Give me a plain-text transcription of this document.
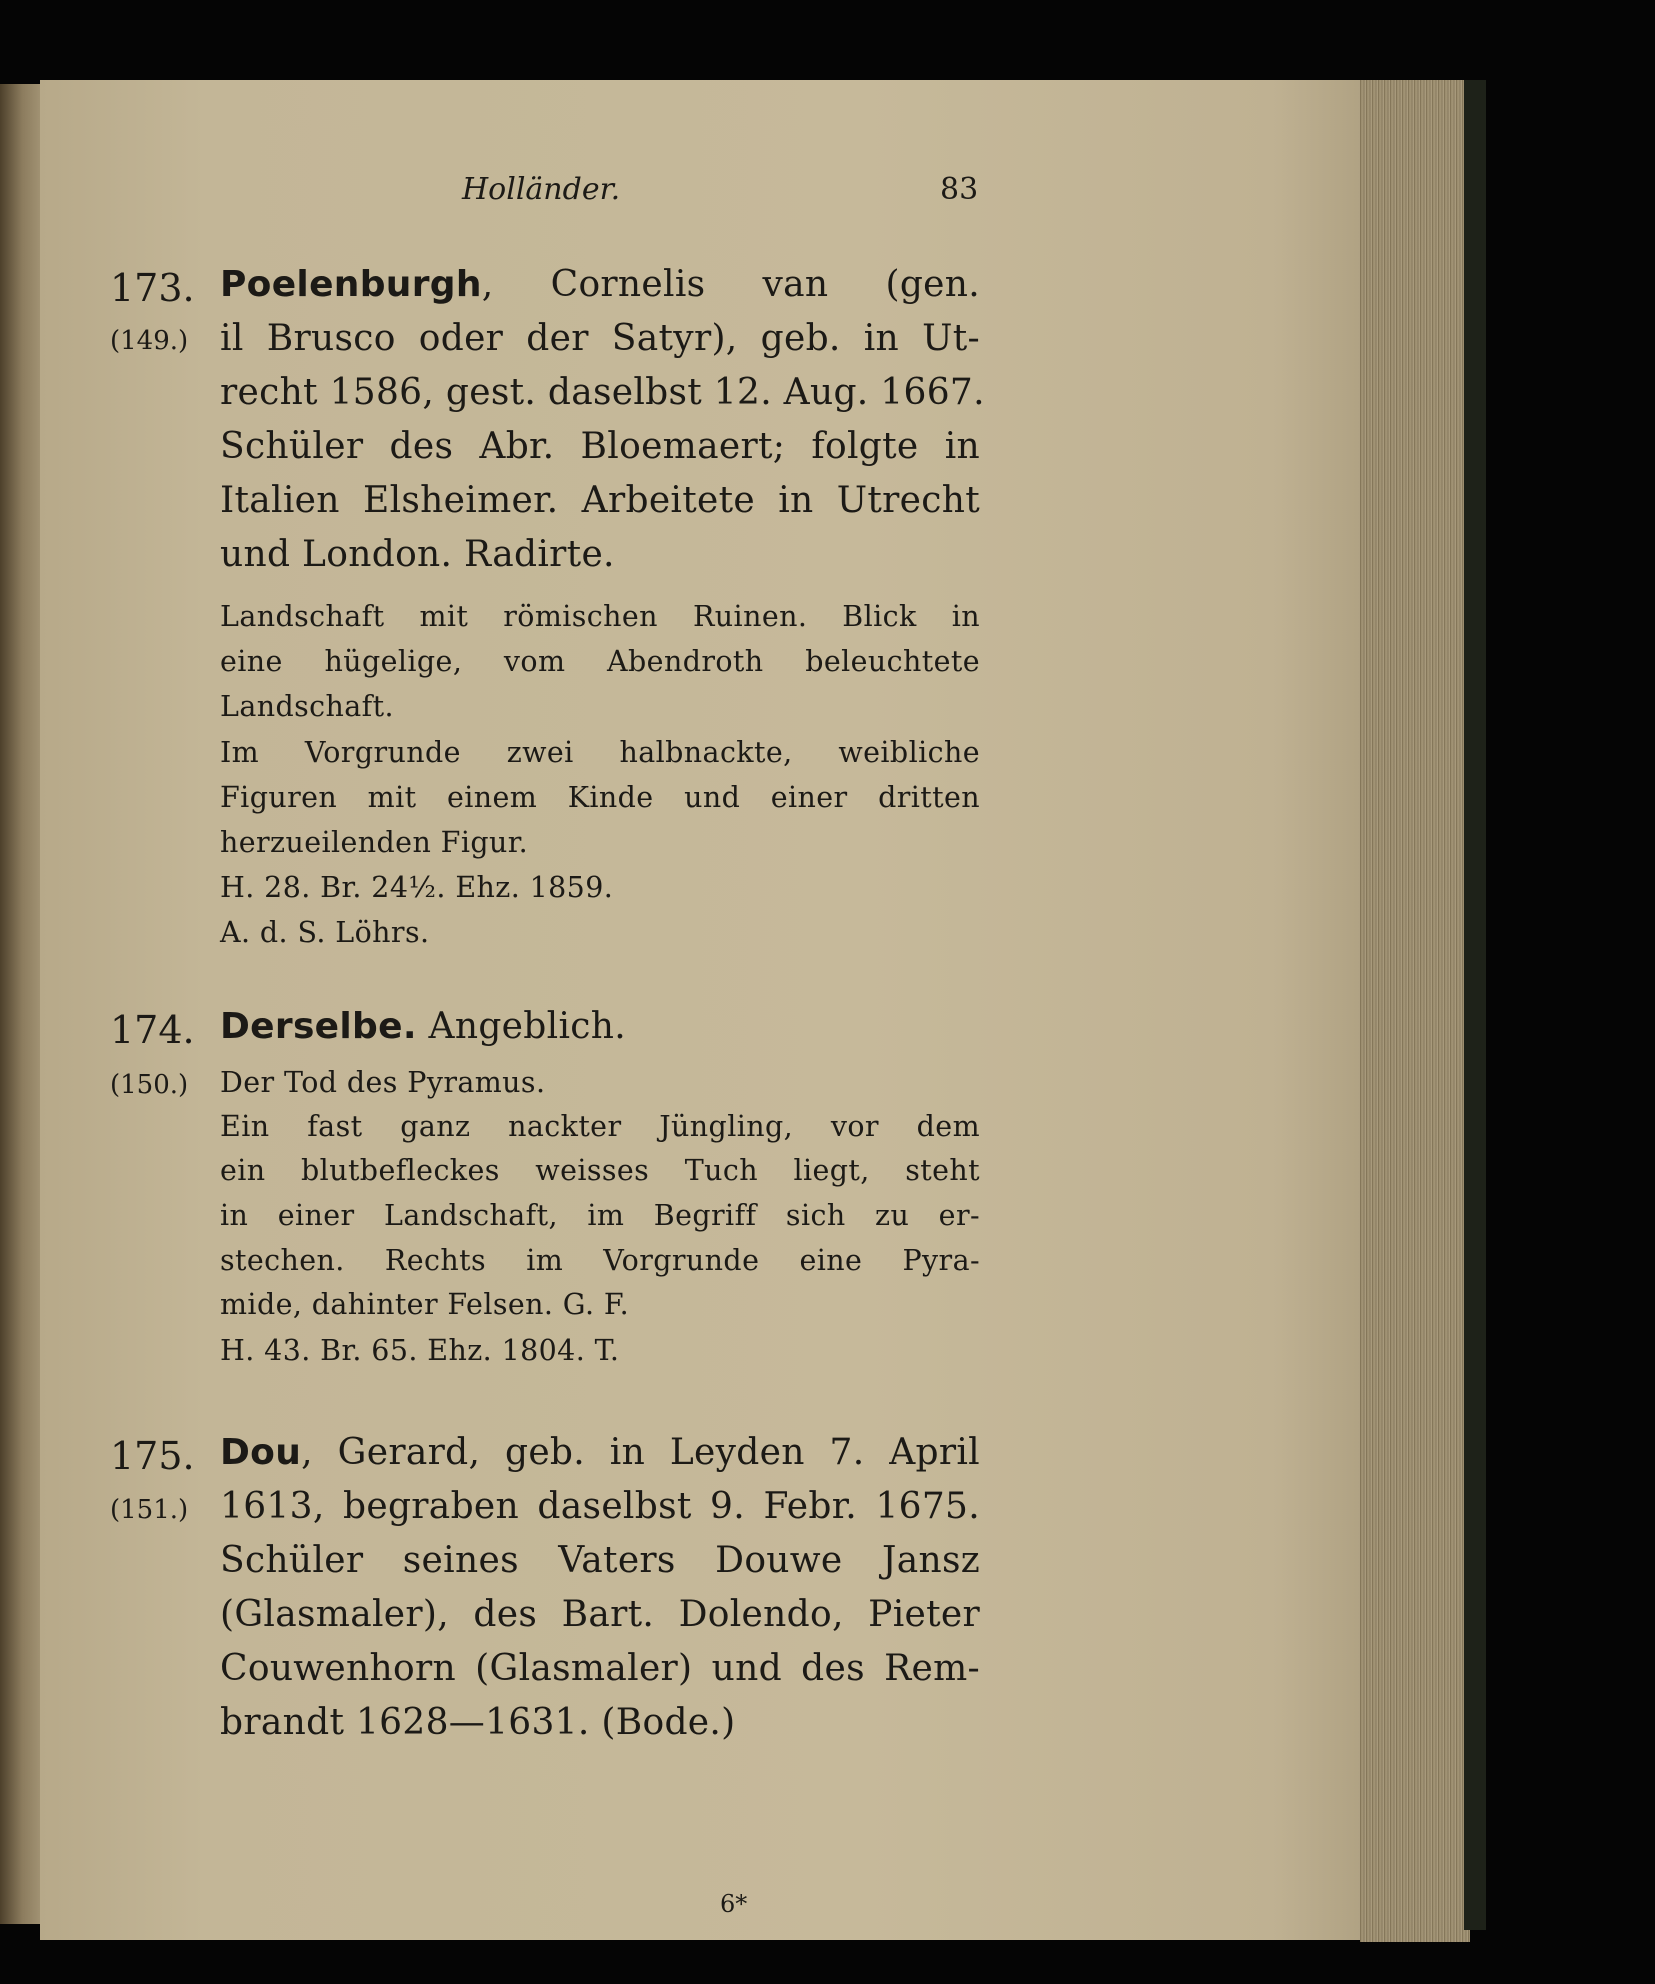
Holländer.	83
173.
(149.)
Poelenburgh, Cornelis van (gen.
il Brusco oder der Satyr), geb. in Ut-
recht 1586, gest. daselbst 12. Aug. 1667.
Schüler des Abr. Bloemaert; folgte in
Italien Elsheimer. Arbeitete in Utrecht
und London. Radirte.
Landschaft mit römischen Ruinen. Blick in
eine hügelige, vom Abendroth beleuchtete
Landschaft.
Im Vorgrunde zwei halbnackte, weibliche
Figuren mit einem Kinde und einer dritten
herzueilenden Figur.
H. 28. Br. 24½. Ehz. 1859.
A. d. S. Löhrs.
174.
(150.)
Derselbe. Angeblich.
Der Tod des Pyramus.
Ein fast ganz nackter Jüngling, vor dem
ein blutbefleckes weisses Tuch liegt, steht
in einer Landschaft, im Begriff sich zu er-
stechen. Rechts im Vorgrunde eine Pyra-
mide, dahinter Felsen. G. F.
H. 43. Br. 65. Ehz. 1804. T.
175.
(151.)
Dou, Gerard, geb. in Leyden 7. April
1613, begraben daselbst 9. Febr. 1675.
Schüler seines Vaters Douwe Jansz
(Glasmaler), des Bart. Dolendo, Pieter
Couwenhorn (Glasmaler) und des Rem-
brandt 1628—1631. (Bode.)
6*
